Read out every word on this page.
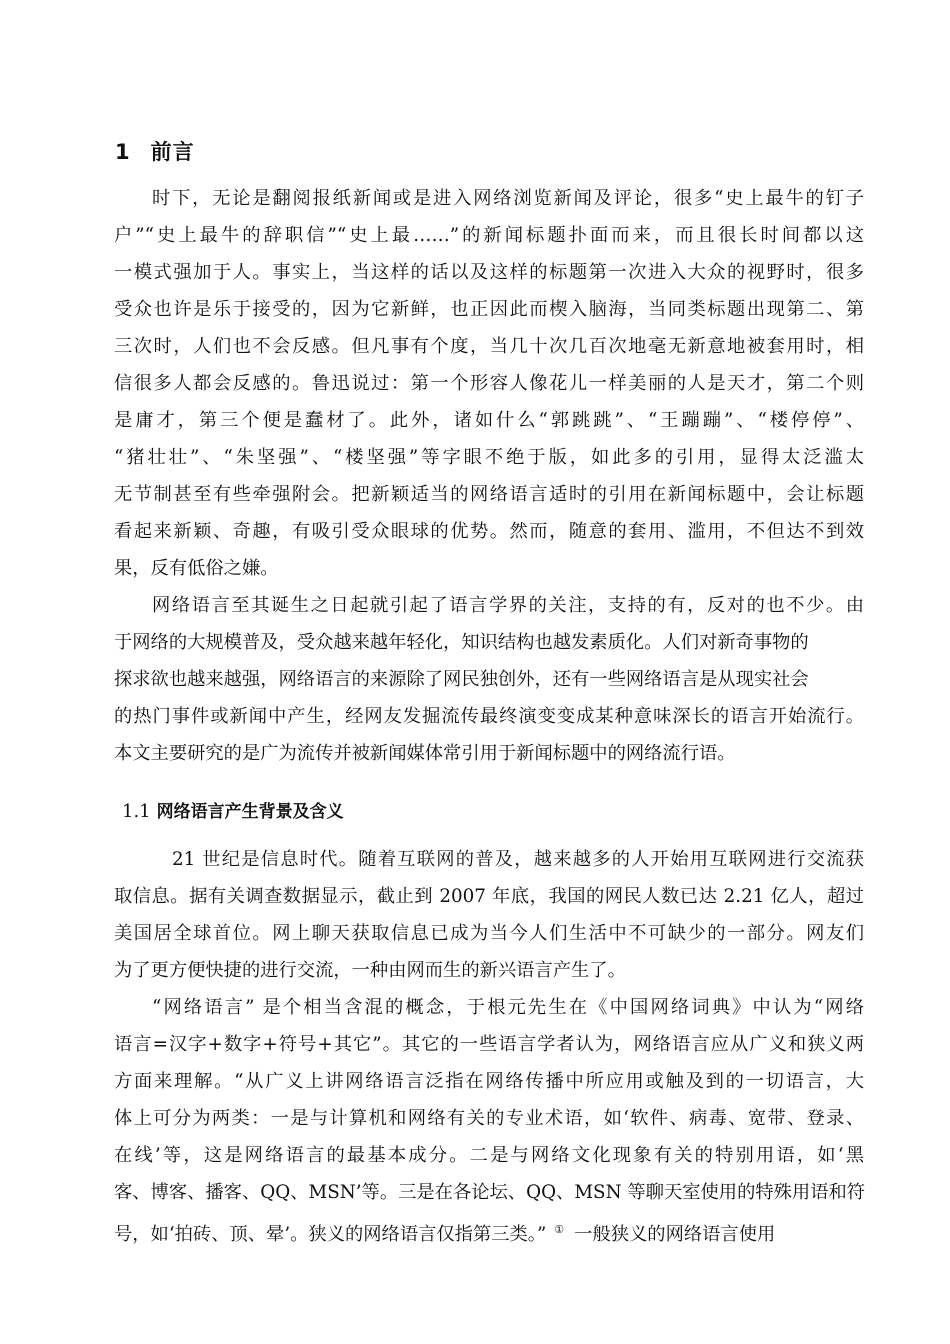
1 前言
时下，无论是翻阅报纸新闻或是进入网络浏览新闻及评论，很多“史上最牛的钉子
户”“史上最牛的辞职信”“史上最……”的新闻标题扑面而来，而且很长时间都以这
一模式强加于人。事实上，当这样的话以及这样的标题第一次进入大众的视野时，很多
受众也许是乐于接受的，因为它新鲜，也正因此而楔入脑海，当同类标题出现第二、第
三次时，人们也不会反感。但凡事有个度，当几十次几百次地毫无新意地被套用时，相
信很多人都会反感的。鲁迅说过：第一个形容人像花儿一样美丽的人是天才，第二个则
是庸才，第三个便是蠢材了。此外，诸如什么“郭跳跳”、“王蹦蹦”、“楼停停”、
“猪壮壮”、“朱坚强”、“楼坚强”等字眼不绝于版，如此多的引用，显得太泛滥太
无节制甚至有些牵强附会。把新颖适当的网络语言适时的引用在新闻标题中，会让标题
看起来新颖、奇趣，有吸引受众眼球的优势。然而，随意的套用、滥用，不但达不到效
果，反有低俗之嫌。
网络语言至其诞生之日起就引起了语言学界的关注，支持的有，反对的也不少。由
于网络的大规模普及，受众越来越年轻化，知识结构也越发素质化。人们对新奇事物的
探求欲也越来越强，网络语言的来源除了网民独创外，还有一些网络语言是从现实社会
的热门事件或新闻中产生，经网友发掘流传最终演变变成某种意味深长的语言开始流行。
本文主要研究的是广为流传并被新闻媒体常引用于新闻标题中的网络流行语。
1.1 网络语言产生背景及含义
21 世纪是信息时代。随着互联网的普及，越来越多的人开始用互联网进行交流获
取信息。据有关调查数据显示，截止到 2007 年底，我国的网民人数已达 2.21 亿人，超过
美国居全球首位。网上聊天获取信息已成为当今人们生活中不可缺少的一部分。网友们
为了更方便快捷的进行交流，一种由网而生的新兴语言产生了。
“网络语言” 是个相当含混的概念，于根元先生在《中国网络词典》中认为“网络
语言=汉字+数字+符号+其它”。其它的一些语言学者认为，网络语言应从广义和狭义两
方面来理解。“从广义上讲网络语言泛指在网络传播中所应用或触及到的一切语言，大
体上可分为两类：一是与计算机和网络有关的专业术语，如‘软件、病毒、宽带、登录、
在线’等，这是网络语言的最基本成分。二是与网络文化现象有关的特别用语，如‘黑
客、博客、播客、QQ、MSN’等。三是在各论坛、QQ、MSN 等聊天室使用的特殊用语和符
号，如‘拍砖、顶、晕’。狭义的网络语言仅指第三类。” ① 一般狭义的网络语言使用
